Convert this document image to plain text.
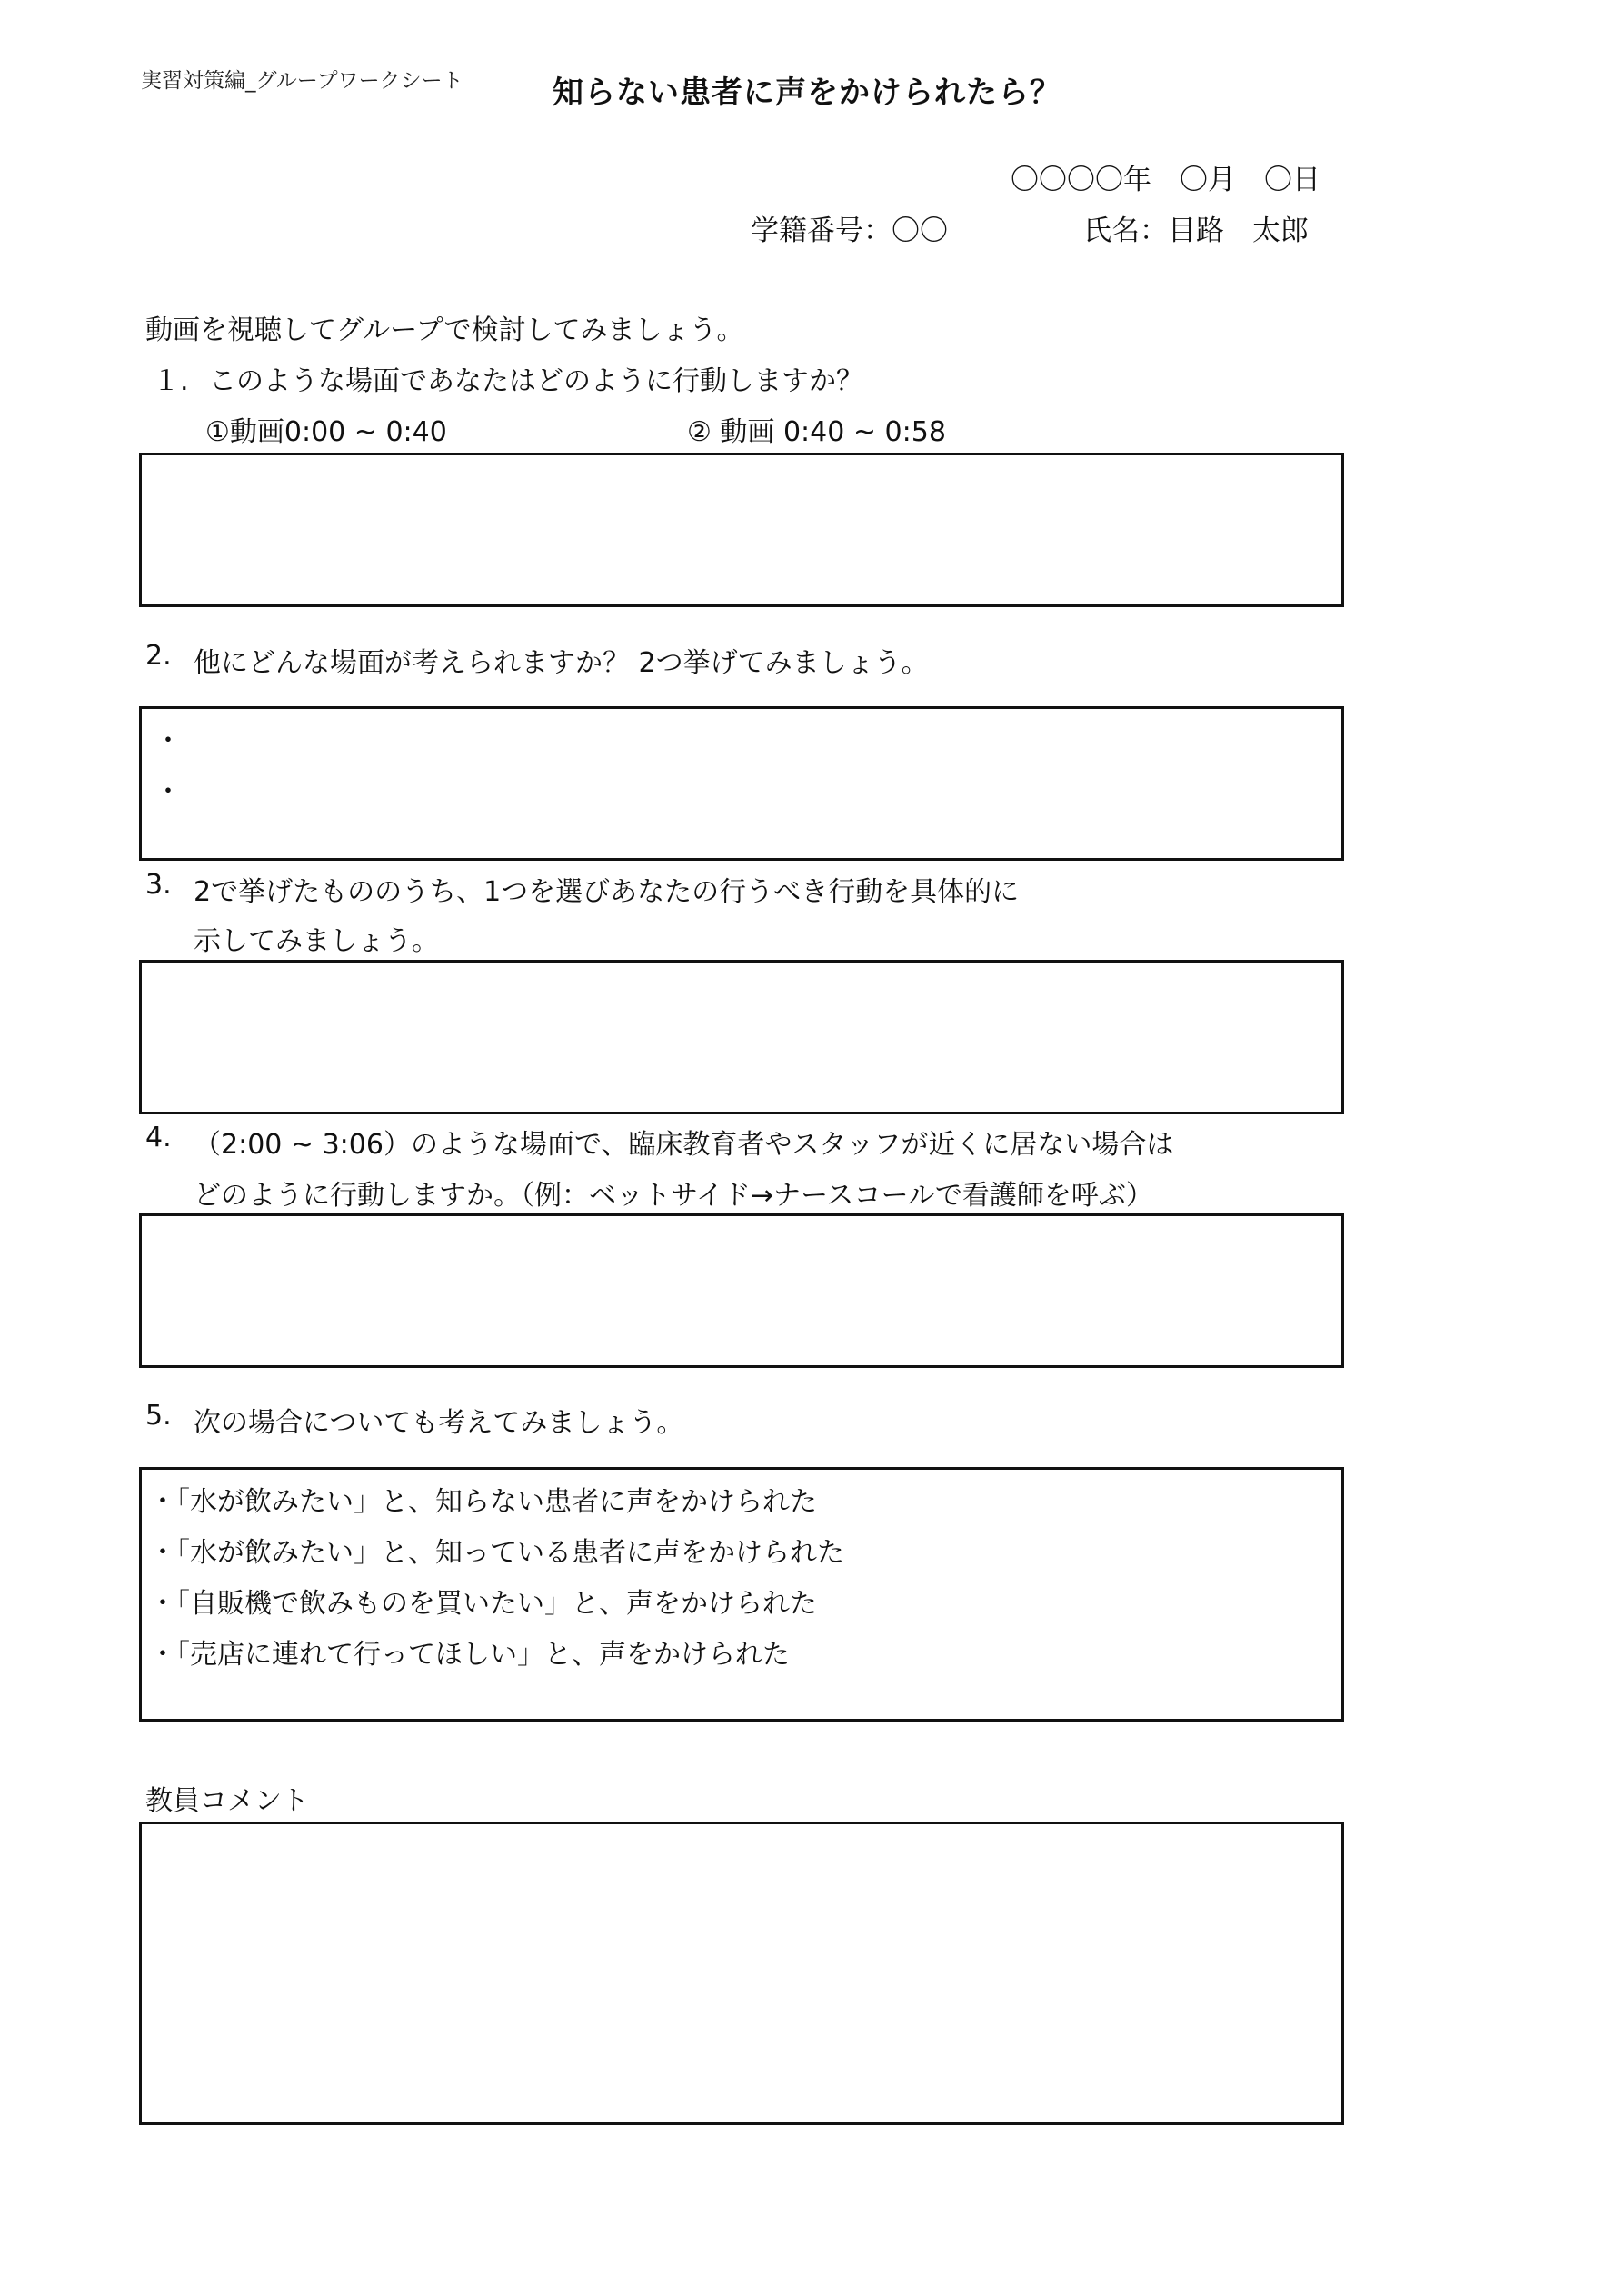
実習対策編_グループワークシート	知らない患者に声をかけられたら？
〇〇〇〇年　〇月　〇日
学籍番号：〇〇	氏名：目路　太郎
動画を視聴してグループで検討してみましょう。
１. このような場面であなたはどのように行動しますか？
①動画0:00 ~ 0:40	② 動画 0:40 ~ 0:58
2. 他にどんな場面が考えられますか？ 2つ挙げてみましょう。
・
・
3. 2で挙げたもののうち、1つを選びあなたの行うべき行動を具体的に
示してみましょう。
4. （2:00 ~ 3:06）のような場面で、臨床教育者やスタッフが近くに居ない場合は
どのように行動しますか。（例：ベットサイド→ナースコールで看護師を呼ぶ）
5. 次の場合についても考えてみましょう。
・「水が飲みたい」と、知らない患者に声をかけられた
・「水が飲みたい」と、知っている患者に声をかけられた
・「自販機で飲みものを買いたい」と、声をかけられた
・「売店に連れて行ってほしい」と、声をかけられた
教員コメント
